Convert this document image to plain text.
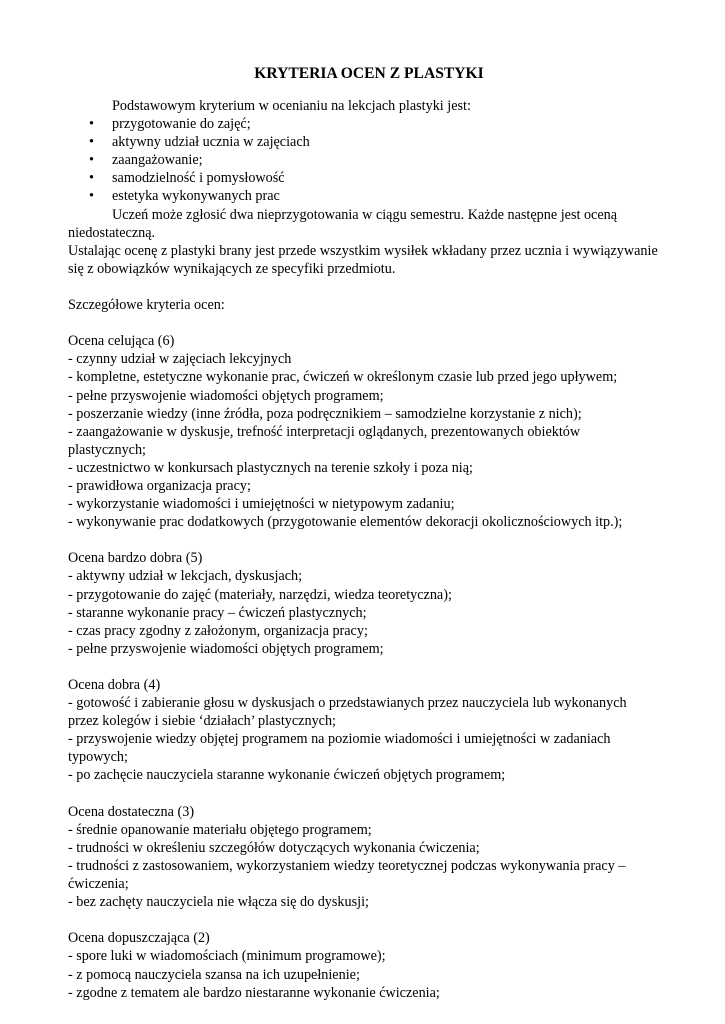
KRYTERIA OCEN Z PLASTYKI

Podstawowym kryterium w ocenianiu na lekcjach plastyki jest:

• przygotowanie do zajęć;
• aktywny udział ucznia w zajęciach
• zaangażowanie;
• samodzielność i pomysłowość
• estetyka wykonywanych prac

Uczeń może zgłosić dwa nieprzygotowania w ciągu semestru. Każde następne jest oceną niedostateczną.

Ustalając ocenę z plastyki brany jest przede wszystkim wysiłek wkładany przez ucznia i wywiązywanie się z obowiązków wynikających ze specyfiki przedmiotu.

Szczegółowe kryteria ocen:

Ocena celująca (6)

- czynny udział w zajęciach lekcyjnych

- kompletne, estetyczne wykonanie prac, ćwiczeń w określonym czasie lub przed jego upływem;

- pełne przyswojenie wiadomości objętych programem;

- poszerzanie wiedzy (inne źródła, poza podręcznikiem – samodzielne korzystanie z nich);

- zaangażowanie w dyskusje, trefność interpretacji oglądanych, prezentowanych obiektów plastycznych;

- uczestnictwo w konkursach plastycznych na terenie szkoły i poza nią;

- prawidłowa organizacja pracy;

- wykorzystanie wiadomości i umiejętności w nietypowym zadaniu;

- wykonywanie prac dodatkowych (przygotowanie elementów dekoracji okolicznościowych itp.);

Ocena bardzo dobra (5)

- aktywny udział w lekcjach, dyskusjach;

- przygotowanie do zajęć (materiały, narzędzi, wiedza teoretyczna);

- staranne wykonanie pracy – ćwiczeń plastycznych;

- czas pracy zgodny z założonym, organizacja pracy;

- pełne przyswojenie wiadomości objętych programem;

Ocena dobra (4)

- gotowość i zabieranie głosu w dyskusjach o przedstawianych przez nauczyciela lub wykonanych przez kolegów i siebie ‘działach’ plastycznych;

- przyswojenie wiedzy objętej programem na poziomie wiadomości i umiejętności w zadaniach typowych;

- po zachęcie nauczyciela staranne wykonanie ćwiczeń objętych programem;

Ocena dostateczna (3)

- średnie opanowanie materiału objętego programem;

- trudności w określeniu szczegółów dotyczących wykonania ćwiczenia;

- trudności z zastosowaniem, wykorzystaniem wiedzy teoretycznej podczas wykonywania pracy – ćwiczenia;

- bez zachęty nauczyciela nie włącza się do dyskusji;

Ocena dopuszczająca (2)

- spore luki w wiadomościach (minimum programowe);

- z pomocą nauczyciela szansa na ich uzupełnienie;

- zgodne z tematem ale bardzo niestaranne wykonanie ćwiczenia;
